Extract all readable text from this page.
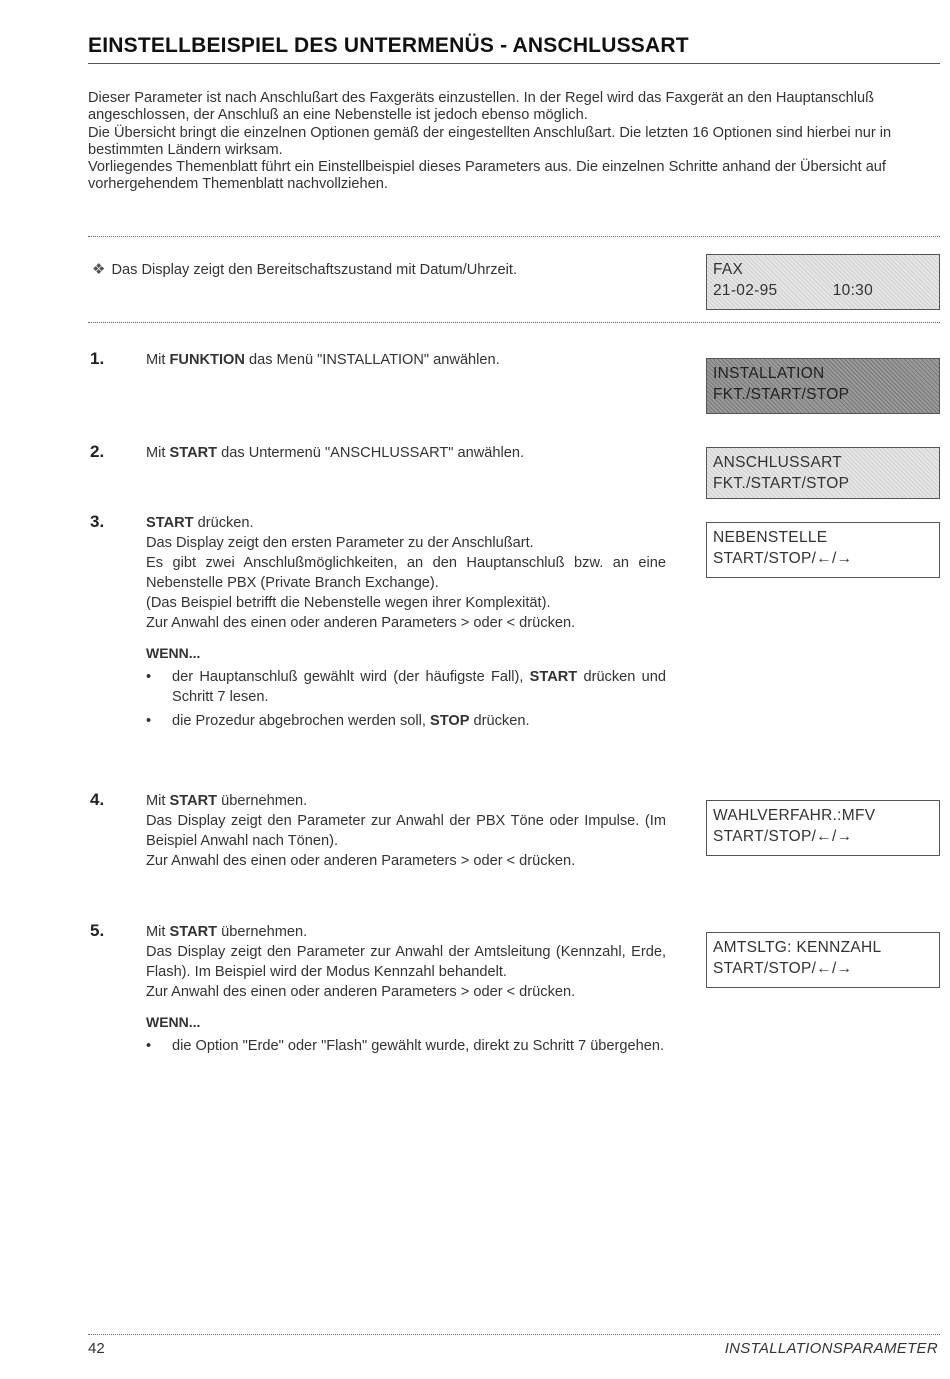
EINSTELLBEISPIEL DES UNTERMENÜS - ANSCHLUSSART

Dieser Parameter ist nach Anschlußart des Faxgeräts einzustellen. In der Regel wird das Faxgerät an den Hauptanschluß angeschlossen, der Anschluß an eine Nebenstelle ist jedoch ebenso möglich.

Die Übersicht bringt die einzelnen Optionen gemäß der eingestellten Anschlußart. Die letzten 16 Optionen sind hierbei nur in bestimmten Ländern wirksam.

Vorliegendes Themenblatt führt ein Einstellbeispiel dieses Parameters aus. Die einzelnen Schritte anhand der Übersicht auf vorhergehendem Themenblatt nachvollziehen.

❖ Das Display zeigt den Bereitschaftszustand mit Datum/Uhrzeit.	FAX
21-02-95            10:30
1.	Mit FUNKTION das Menü "INSTALLATION" anwählen.

INSTALLATION
FKT./START/STOP
2.	Mit START das Untermenü "ANSCHLUSSART" anwählen.

ANSCHLUSSART
FKT./START/STOP
3.	START drücken.

Das Display zeigt den ersten Parameter zu der Anschlußart.

Es gibt zwei Anschlußmöglichkeiten, an den Hauptanschluß bzw. an eine Nebenstelle PBX (Private Branch Exchange).

(Das Beispiel betrifft die Nebenstelle wegen ihrer Komplexität).

Zur Anwahl des einen oder anderen Parameters > oder < drücken.

WENN...

•	der Hauptanschluß gewählt wird (der häufigste Fall), START drücken und Schritt 7 lesen.

•	die Prozedur abgebrochen werden soll, STOP drücken.

NEBENSTELLE
START/STOP/←/→
4.	Mit START übernehmen.

Das Display zeigt den Parameter zur Anwahl der PBX Töne oder Impulse. (Im Beispiel Anwahl nach Tönen).

Zur Anwahl des einen oder anderen Parameters > oder < drücken.

WAHLVERFAHR.:MFV
START/STOP/←/→
5.	Mit START übernehmen.

Das Display zeigt den Parameter zur Anwahl der Amtsleitung (Kennzahl, Erde, Flash). Im Beispiel wird der Modus Kennzahl behandelt.

Zur Anwahl des einen oder anderen Parameters > oder < drücken.

WENN...

•	die Option "Erde" oder "Flash" gewählt wurde, direkt zu Schritt 7 übergehen.

AMTSLTG: KENNZAHL
START/STOP/←/→
42	INSTALLATIONSPARAMETER
